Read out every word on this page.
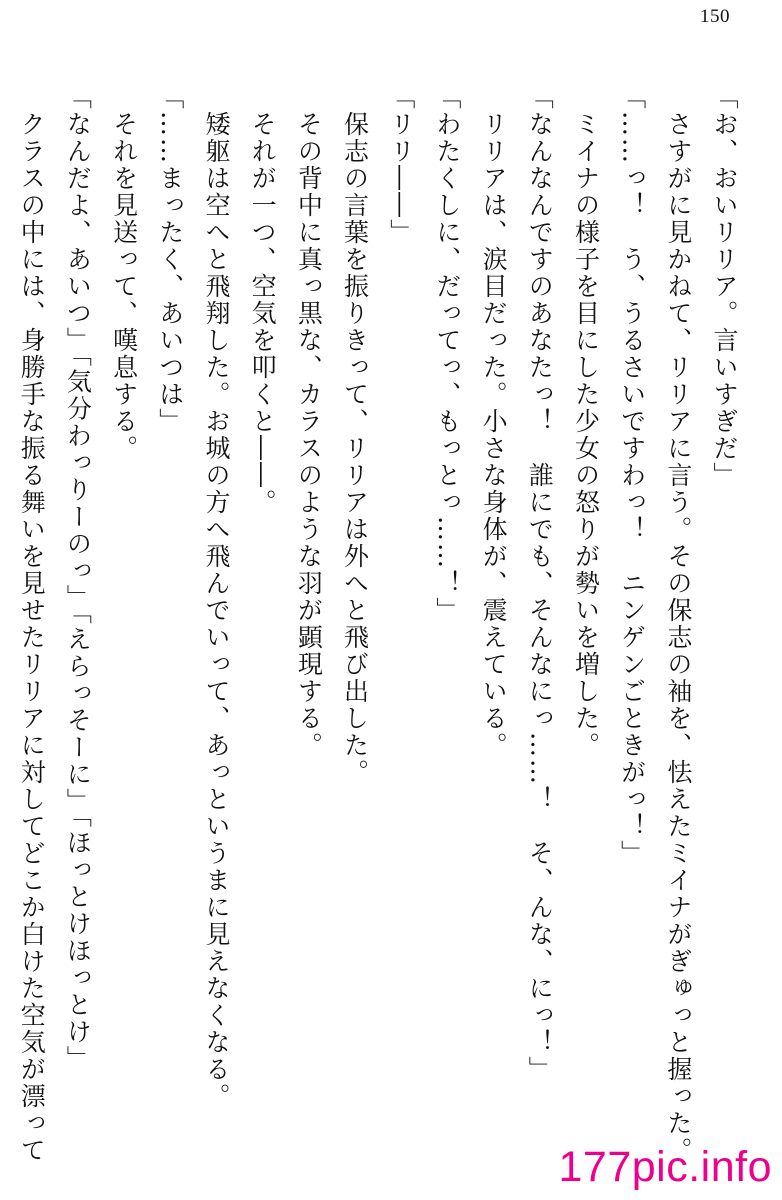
150
「お、おいリリア。言いすぎだ」
　さすがに見かねて、リリアに言う。その保志の袖を、怯えたミイナがぎゅっと握った。
「……っ！　う、うるさいですわっ！　ニンゲンごときがっ！」
　ミイナの様子を目にした少女の怒りが勢いを増した。
「なんなんですのあなたっ！　誰にでも、そんなにっ……！　そ、んな、にっ！」
　リリアは、涙目だった。小さな身体が、震えている。
「わたくしに、だってっ、もっとっ……！」
「リリ――」
　保志の言葉を振りきって、リリアは外へと飛び出した。
　その背中に真っ黒な、カラスのような羽が顕現する。
　それが一つ、空気を叩くと――。
　矮躯は空へと飛翔した。お城の方へ飛んでいって、あっというまに見えなくなる。
「……まったく、あいつは」
　それを見送って、嘆息する。
「なんだよ、あいつ」「気分わっりーのっ」「えらっそーに」「ほっとけほっとけ」
　クラスの中には、身勝手な振る舞いを見せたリリアに対してどこか白けた空気が漂って
177pic.info
